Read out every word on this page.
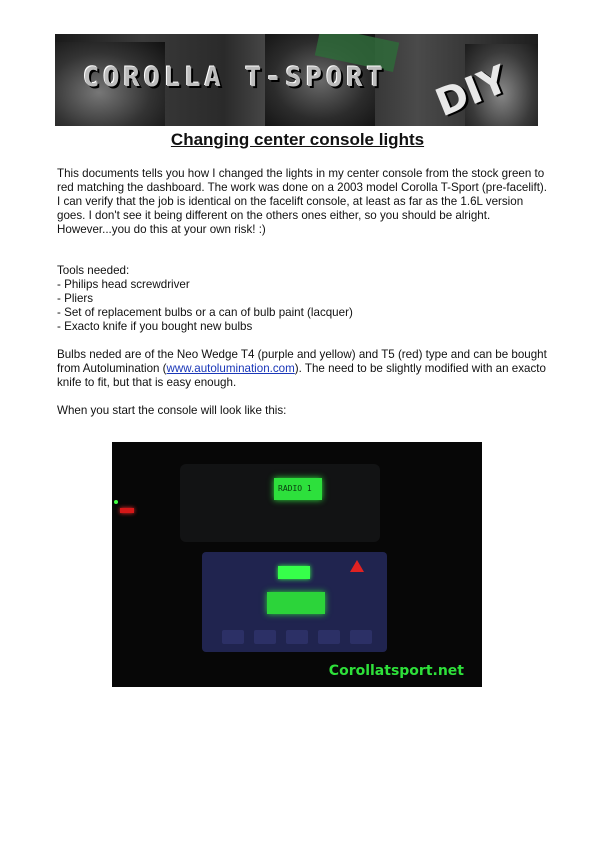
COROLLA T-SPORT DIY
Changing center console lights

This documents tells you how I changed the lights in my center console from the stock green to red matching the dashboard. The work was done on a 2003 model Corolla T-Sport (pre-facelift). I can verify that the job is identical on the facelift console, at least as far as the 1.6L version goes. I don't see it being different on the others ones either, so you should be alright.

However...you do this at your own risk! :)

Tools needed:

- Philips head screwdriver

- Pliers

- Set of replacement bulbs or a can of bulb paint (lacquer)

- Exacto knife if you bought new bulbs

Bulbs neded are of the Neo Wedge T4 (purple and yellow) and T5 (red) type and can be bought from Autolumination (www.autolumination.com). The need to be slightly modified with an exacto knife to fit, but that is easy enough.

When you start the console will look like this:

RADIO 1
Corollatsport.net
